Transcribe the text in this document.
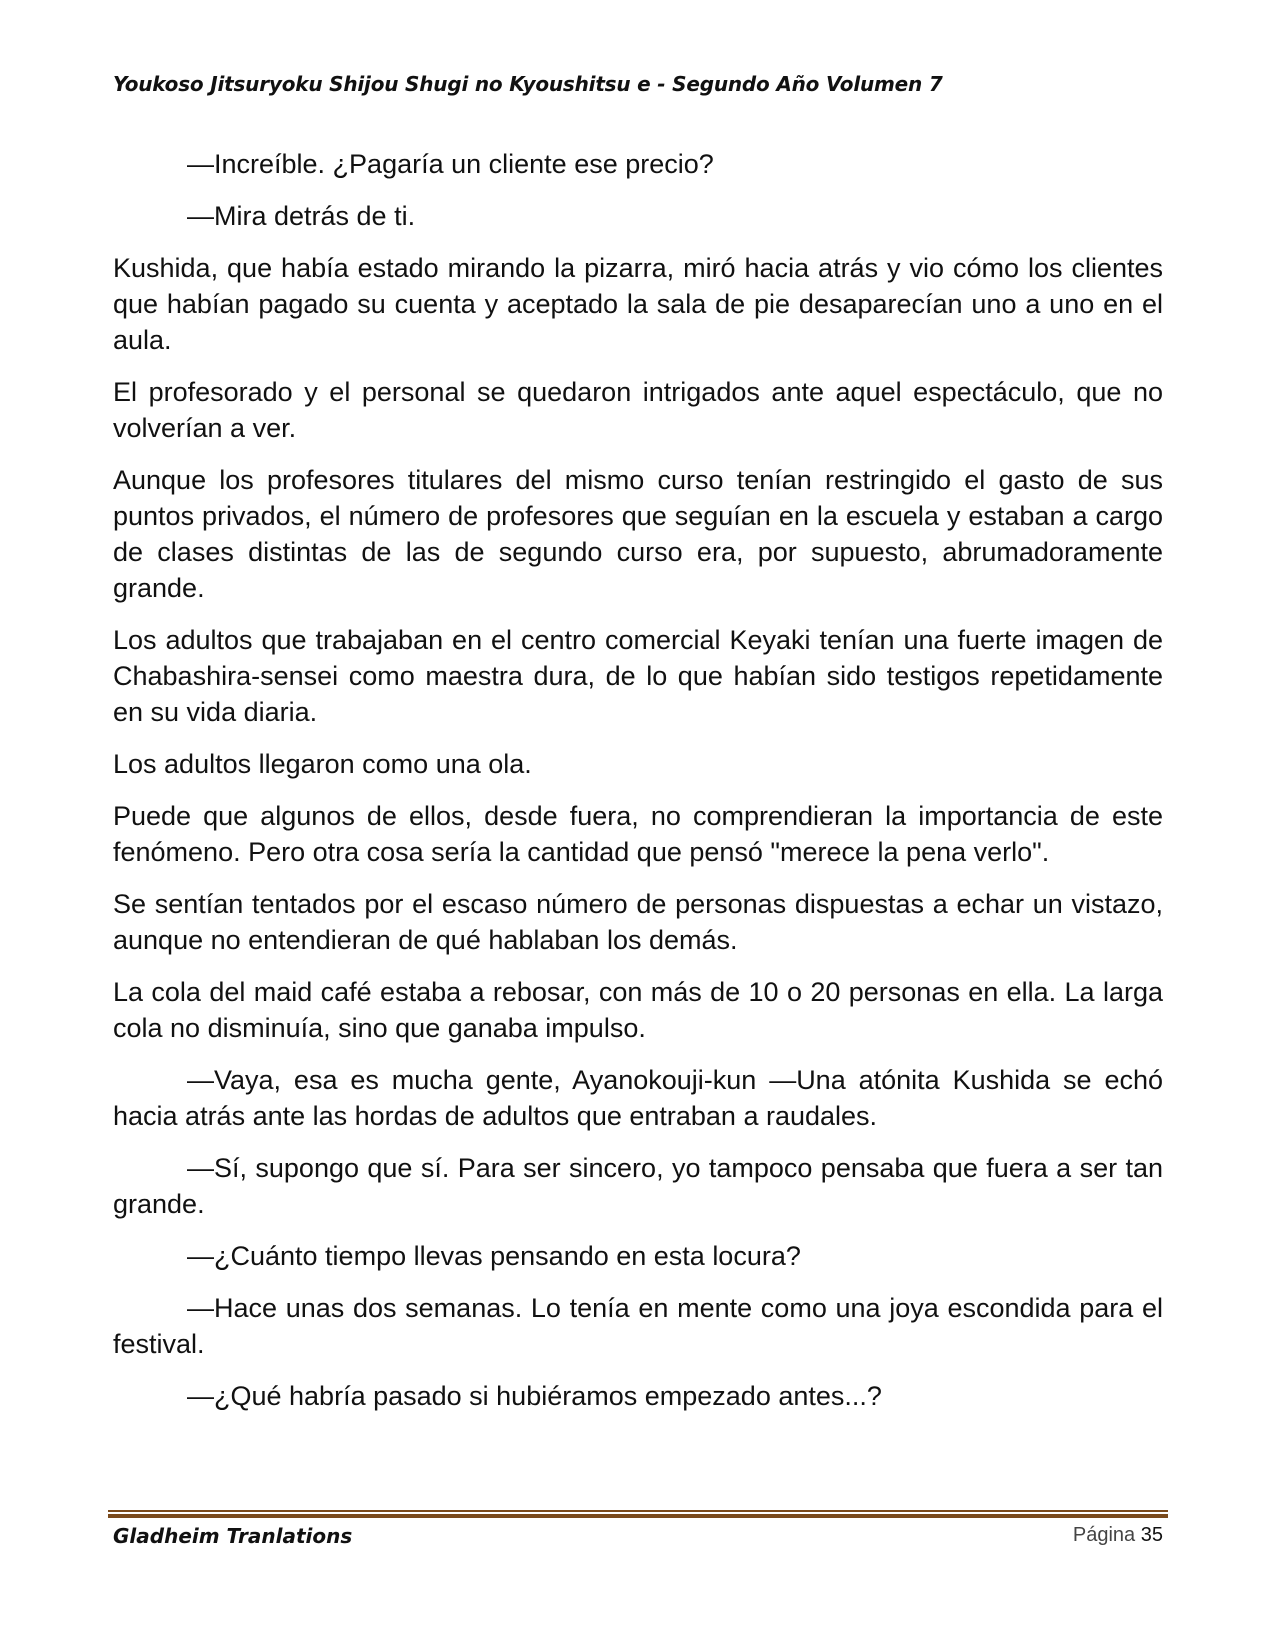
Youkoso Jitsuryoku Shijou Shugi no Kyoushitsu e - Segundo Año Volumen 7

—Increíble. ¿Pagaría un cliente ese precio?

—Mira detrás de ti.

Kushida, que había estado mirando la pizarra, miró hacia atrás y vio cómo los clientes que habían pagado su cuenta y aceptado la sala de pie desaparecían uno a uno en el aula.

El profesorado y el personal se quedaron intrigados ante aquel espectáculo, que no volverían a ver.

Aunque los profesores titulares del mismo curso tenían restringido el gasto de sus puntos privados, el número de profesores que seguían en la escuela y estaban a cargo de clases distintas de las de segundo curso era, por supuesto, abrumadoramente grande.

Los adultos que trabajaban en el centro comercial Keyaki tenían una fuerte imagen de Chabashira-sensei como maestra dura, de lo que habían sido testigos repetidamente en su vida diaria.

Los adultos llegaron como una ola.

Puede que algunos de ellos, desde fuera, no comprendieran la importancia de este fenómeno. Pero otra cosa sería la cantidad que pensó "merece la pena verlo".

Se sentían tentados por el escaso número de personas dispuestas a echar un vistazo, aunque no entendieran de qué hablaban los demás.

La cola del maid café estaba a rebosar, con más de 10 o 20 personas en ella. La larga cola no disminuía, sino que ganaba impulso.

—Vaya, esa es mucha gente, Ayanokouji-kun —Una atónita Kushida se echó hacia atrás ante las hordas de adultos que entraban a raudales.

—Sí, supongo que sí. Para ser sincero, yo tampoco pensaba que fuera a ser tan grande.

—¿Cuánto tiempo llevas pensando en esta locura?

—Hace unas dos semanas. Lo tenía en mente como una joya escondida para el festival.

—¿Qué habría pasado si hubiéramos empezado antes...?

Gladheim Tranlations	Página 35
